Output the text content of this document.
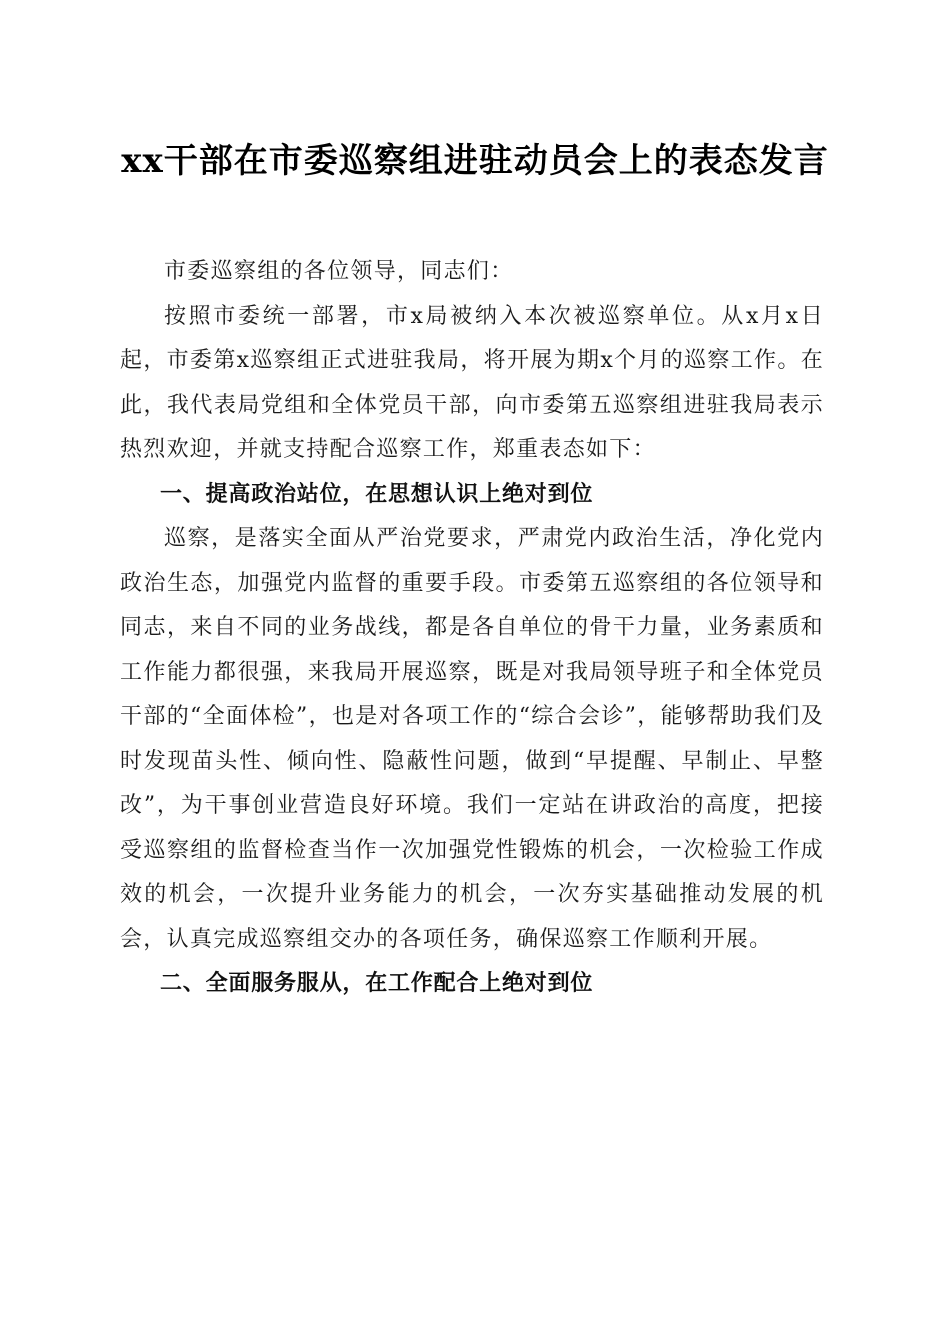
xx干部在市委巡察组进驻动员会上的表态发言

市委巡察组的各位领导，同志们：

按照市委统一部署，市x局被纳入本次被巡察单位。从x月x日起，市委第x巡察组正式进驻我局，将开展为期x个月的巡察工作。在此，我代表局党组和全体党员干部，向市委第五巡察组进驻我局表示热烈欢迎，并就支持配合巡察工作，郑重表态如下：

一、提高政治站位，在思想认识上绝对到位

巡察，是落实全面从严治党要求，严肃党内政治生活，净化党内政治生态，加强党内监督的重要手段。市委第五巡察组的各位领导和同志，来自不同的业务战线，都是各自单位的骨干力量，业务素质和工作能力都很强，来我局开展巡察，既是对我局领导班子和全体党员干部的“全面体检”，也是对各项工作的“综合会诊”，能够帮助我们及时发现苗头性、倾向性、隐蔽性问题，做到“早提醒、早制止、早整改”，为干事创业营造良好环境。我们一定站在讲政治的高度，把接受巡察组的监督检查当作一次加强党性锻炼的机会，一次检验工作成效的机会，一次提升业务能力的机会，一次夯实基础推动发展的机会，认真完成巡察组交办的各项任务，确保巡察工作顺利开展。

二、全面服务服从，在工作配合上绝对到位
